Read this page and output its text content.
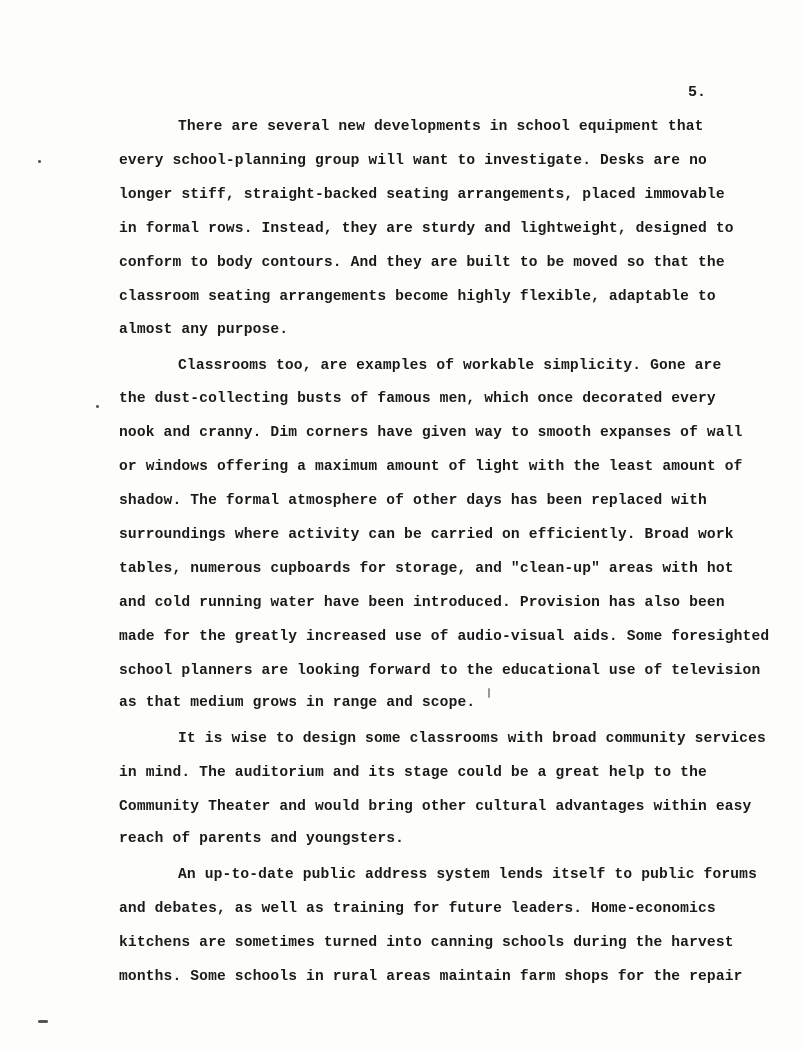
5.
There are several new developments in school equipment that
every school-planning group will want to investigate. Desks are no
longer stiff, straight-backed seating arrangements, placed immovable
in formal rows. Instead, they are sturdy and lightweight, designed to
conform to body contours. And they are built to be moved so that the
classroom seating arrangements become highly flexible, adaptable to
almost any purpose.
Classrooms too, are examples of workable simplicity. Gone are
the dust-collecting busts of famous men, which once decorated every
nook and cranny. Dim corners have given way to smooth expanses of wall
or windows offering a maximum amount of light with the least amount of
shadow. The formal atmosphere of other days has been replaced with
surroundings where activity can be carried on efficiently. Broad work
tables, numerous cupboards for storage, and "clean-up" areas with hot
and cold running water have been introduced. Provision has also been
made for the greatly increased use of audio-visual aids. Some foresighted
school planners are looking forward to the educational use of television
as that medium grows in range and scope.
It is wise to design some classrooms with broad community services
in mind. The auditorium and its stage could be a great help to the
Community Theater and would bring other cultural advantages within easy
reach of parents and youngsters.
An up-to-date public address system lends itself to public forums
and debates, as well as training for future leaders. Home-economics
kitchens are sometimes turned into canning schools during the harvest
months. Some schools in rural areas maintain farm shops for the repair
